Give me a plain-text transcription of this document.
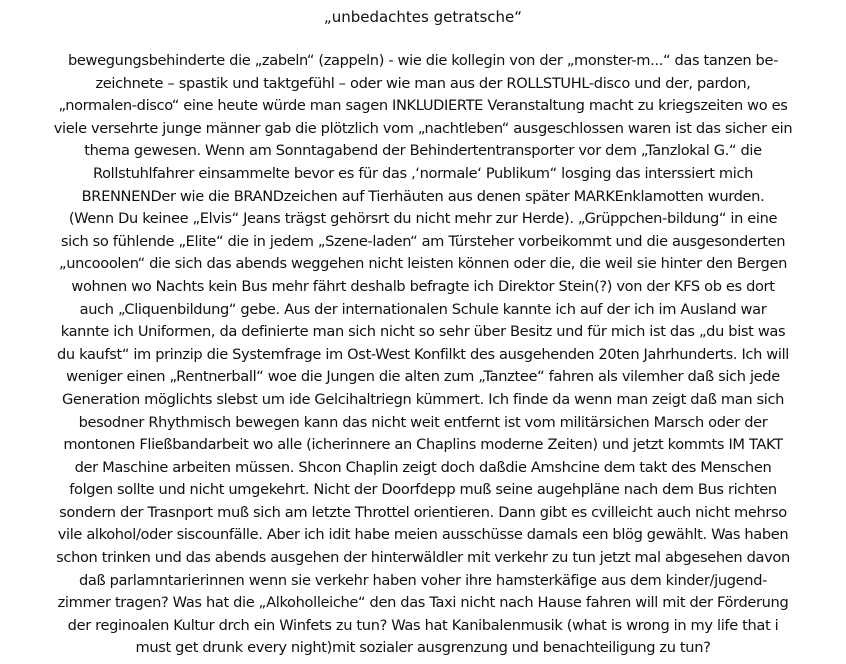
„unbedachtes getratsche“
bewegungsbehinderte die „zabeln“ (zappeln) - wie die kollegin von der „monster-m...“ das tanzen be-
zeichnete – spastik und taktgefühl – oder wie man aus der ROLLSTUHL-disco und der, pardon,
„normalen-disco“ eine heute würde man sagen INKLUDIERTE Veranstaltung macht zu kriegszeiten wo es
viele versehrte junge männer gab die plötzlich vom „nachtleben“ ausgeschlossen waren ist das sicher ein
thema gewesen. Wenn am Sonntagabend der Behindertentransporter vor dem „Tanzlokal G.“ die
Rollstuhlfahrer einsammelte bevor es für das ‚‘normale‘ Publikum“ losging das interssiert mich
BRENNENDer wie die BRANDzeichen auf Tierhäuten aus denen später MARKEnklamotten wurden.
(Wenn Du keinee „Elvis“ Jeans trägst gehörsrt du nicht mehr zur Herde). „Grüppchen-bildung“ in eine
sich so fühlende „Elite“ die in jedem „Szene-laden“ am Türsteher vorbeikommt und die ausgesonderten
„uncooolen“ die sich das abends weggehen nicht leisten können oder die, die weil sie hinter den Bergen
wohnen wo Nachts kein Bus mehr fährt deshalb befragte ich Direktor Stein(?) von der KFS ob es dort
auch „Cliquenbildung“ gebe. Aus der internationalen Schule kannte ich auf der ich im Ausland war
kannte ich Uniformen, da definierte man sich nicht so sehr über Besitz und für mich ist das „du bist was
du kaufst“ im prinzip die Systemfrage im Ost-West Konfilkt des ausgehenden 20ten Jahrhunderts. Ich will
weniger einen „Rentnerball“ woe die Jungen die alten zum „Tanztee“ fahren als vilemher daß sich jede
Generation möglichts slebst um ide Gelcihaltriegn kümmert. Ich finde da wenn man zeigt daß man sich
besodner Rhythmisch bewegen kann das nicht weit entfernt ist vom militärsichen Marsch oder der
montonen Fließbandarbeit wo alle (icherinnere an Chaplins moderne Zeiten) und jetzt kommts IM TAKT
der Maschine arbeiten müssen. Shcon Chaplin zeigt doch daßdie Amshcine dem takt des Menschen
folgen sollte und nicht umgekehrt. Nicht der Doorfdepp muß seine augehpläne nach dem Bus richten
sondern der Trasnport muß sich am letzte Throttel orientieren. Dann gibt es cvilleicht auch nicht mehrso
vile alkohol/oder siscounfälle. Aber ich idit habe meien ausschüsse damals een blög gewählt. Was haben
schon trinken und das abends ausgehen der hinterwäldler mit verkehr zu tun jetzt mal abgesehen davon
daß parlamntarierinnen wenn sie verkehr haben voher ihre hamsterkäfige aus dem kinder/jugend-
zimmer tragen? Was hat die „Alkoholleiche“ den das Taxi nicht nach Hause fahren will mit der Förderung
der reginoalen Kultur drch ein Winfets zu tun? Was hat Kanibalenmusik (what is wrong in my life that i
must get drunk every night)mit sozialer ausgrenzung und benachteiligung zu tun?
